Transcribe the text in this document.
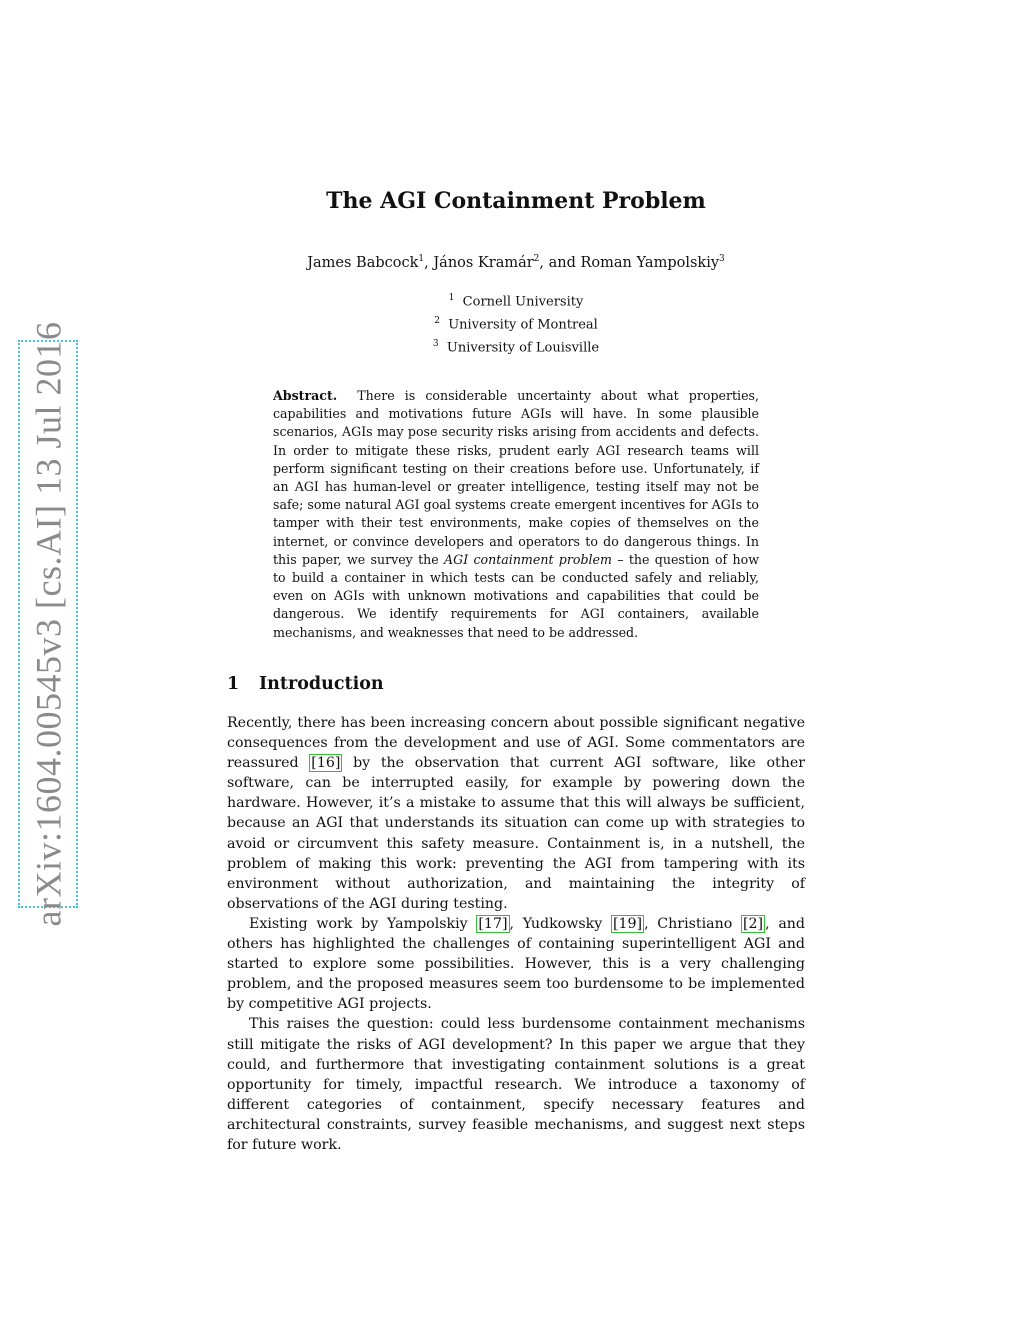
arXiv:1604.00545v3 [cs.AI] 13 Jul 2016
The AGI Containment Problem
James Babcock$^1$, János Kramár$^2$, and Roman Yampolskiy$^3$
$^1$ Cornell University
$^2$ University of Montreal
$^3$ University of Louisville
Abstract. There is considerable uncertainty about what properties, capabilities and motivations future AGIs will have. In some plausible scenarios, AGIs may pose security risks arising from accidents and defects. In order to mitigate these risks, prudent early AGI research teams will perform significant testing on their creations before use. Unfortunately, if an AGI has human-level or greater intelligence, testing itself may not be safe; some natural AGI goal systems create emergent incentives for AGIs to tamper with their test environments, make copies of themselves on the internet, or convince developers and operators to do dangerous things. In this paper, we survey the AGI containment problem – the question of how to build a container in which tests can be conducted safely and reliably, even on AGIs with unknown motivations and capabilities that could be dangerous. We identify requirements for AGI containers, available mechanisms, and weaknesses that need to be addressed.
1 Introduction

Recently, there has been increasing concern about possible significant negative consequences from the development and use of AGI. Some commentators are reassured [16] by the observation that current AGI software, like other software, can be interrupted easily, for example by powering down the hardware. However, it’s a mistake to assume that this will always be sufficient, because an AGI that understands its situation can come up with strategies to avoid or circumvent this safety measure. Containment is, in a nutshell, the problem of making this work: preventing the AGI from tampering with its environment without authorization, and maintaining the integrity of observations of the AGI during testing.

Existing work by Yampolskiy [17] , Yudkowsky [19] , Christiano [2] , and others has highlighted the challenges of containing superintelligent AGI and started to explore some possibilities. However, this is a very challenging problem, and the proposed measures seem too burdensome to be implemented by competitive AGI projects.

This raises the question: could less burdensome containment mechanisms still mitigate the risks of AGI development? In this paper we argue that they could, and furthermore that investigating containment solutions is a great opportunity for timely, impactful research. We introduce a taxonomy of different categories of containment, specify necessary features and architectural constraints, survey feasible mechanisms, and suggest next steps for future work.
